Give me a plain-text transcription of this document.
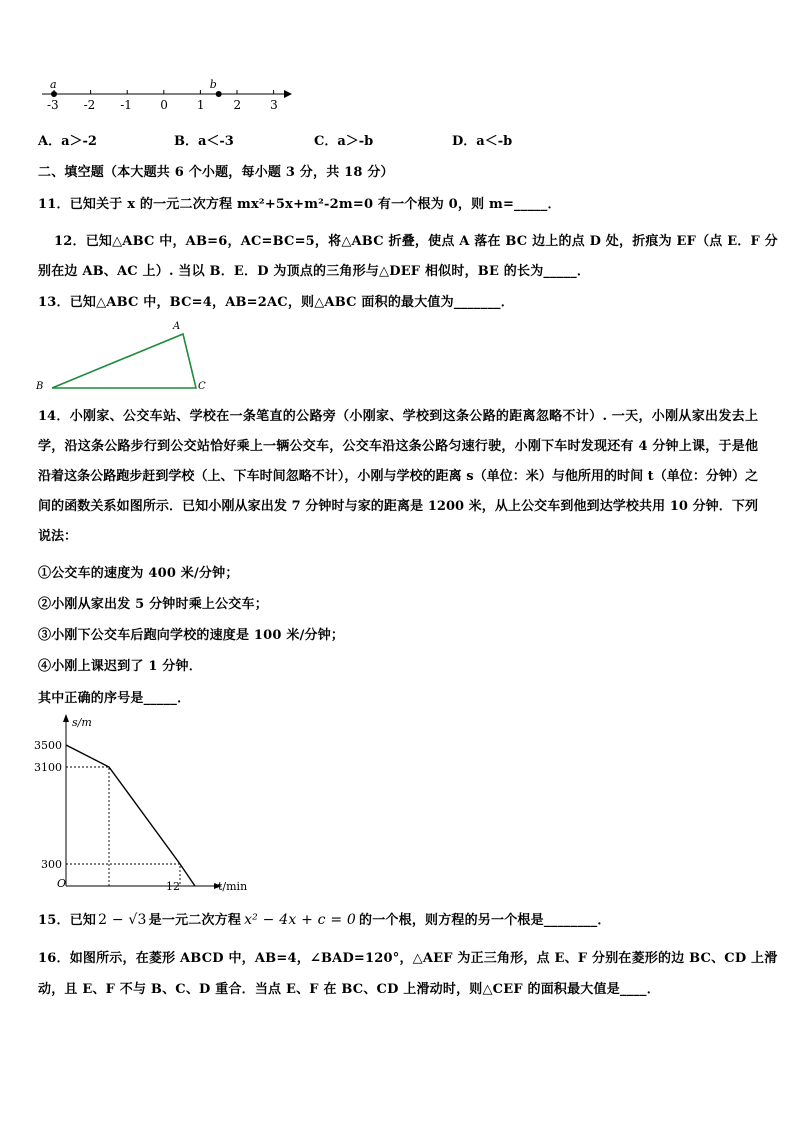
-3 -2 -1 0 1 2 3
a	b
A．a＞-2	B．a＜-3	C．a＞-b	D．a＜-b
二、填空题（本大题共 6 个小题，每小题 3 分，共 18 分）
11．已知关于 x 的一元二次方程 mx²+5x+m²-2m=0 有一个根为 0，则 m=_____．
12．已知△ABC 中，AB=6，AC=BC=5，将△ABC 折叠，使点 A 落在 BC 边上的点 D 处，折痕为 EF（点 E．F 分
别在边 AB、AC 上）. 当以 B．E．D 为顶点的三角形与△DEF 相似时，BE 的长为_____．
13．已知△ABC 中，BC=4，AB=2AC，则△ABC 面积的最大值为_______．
A
B	C
14．小刚家、公交车站、学校在一条笔直的公路旁（小刚家、学校到这条公路的距离忽略不计）. 一天，小刚从家出发去上学，沿这条公路步行到公交站恰好乘上一辆公交车，公交车沿这条公路匀速行驶，小刚下车时发现还有 4 分钟上课，于是他沿着这条公路跑步赶到学校（上、下车时间忽略不计），小刚与学校的距离 s（单位：米）与他所用的时间 t（单位：分钟）之间的函数关系如图所示．已知小刚从家出发 7 分钟时与家的距离是 1200 米，从上公交车到他到达学校共用 10 分钟．下列说法：
①公交车的速度为 400 米/分钟；
②小刚从家出发 5 分钟时乘上公交车；
③小刚下公交车后跑向学校的速度是 100 米/分钟；
④小刚上课迟到了 1 分钟．
其中正确的序号是_____．
s/m
3500
3100
300
O	12	t/min
15．已知 2 − √3 是一元二次方程 x² − 4x + c = 0 的一个根，则方程的另一个根是________．
16．如图所示，在菱形 ABCD 中，AB=4，∠BAD=120°，△AEF 为正三角形，点 E、F 分别在菱形的边 BC、CD 上滑
动，且 E、F 不与 B、C、D 重合．当点 E、F 在 BC、CD 上滑动时，则△CEF 的面积最大值是____．
